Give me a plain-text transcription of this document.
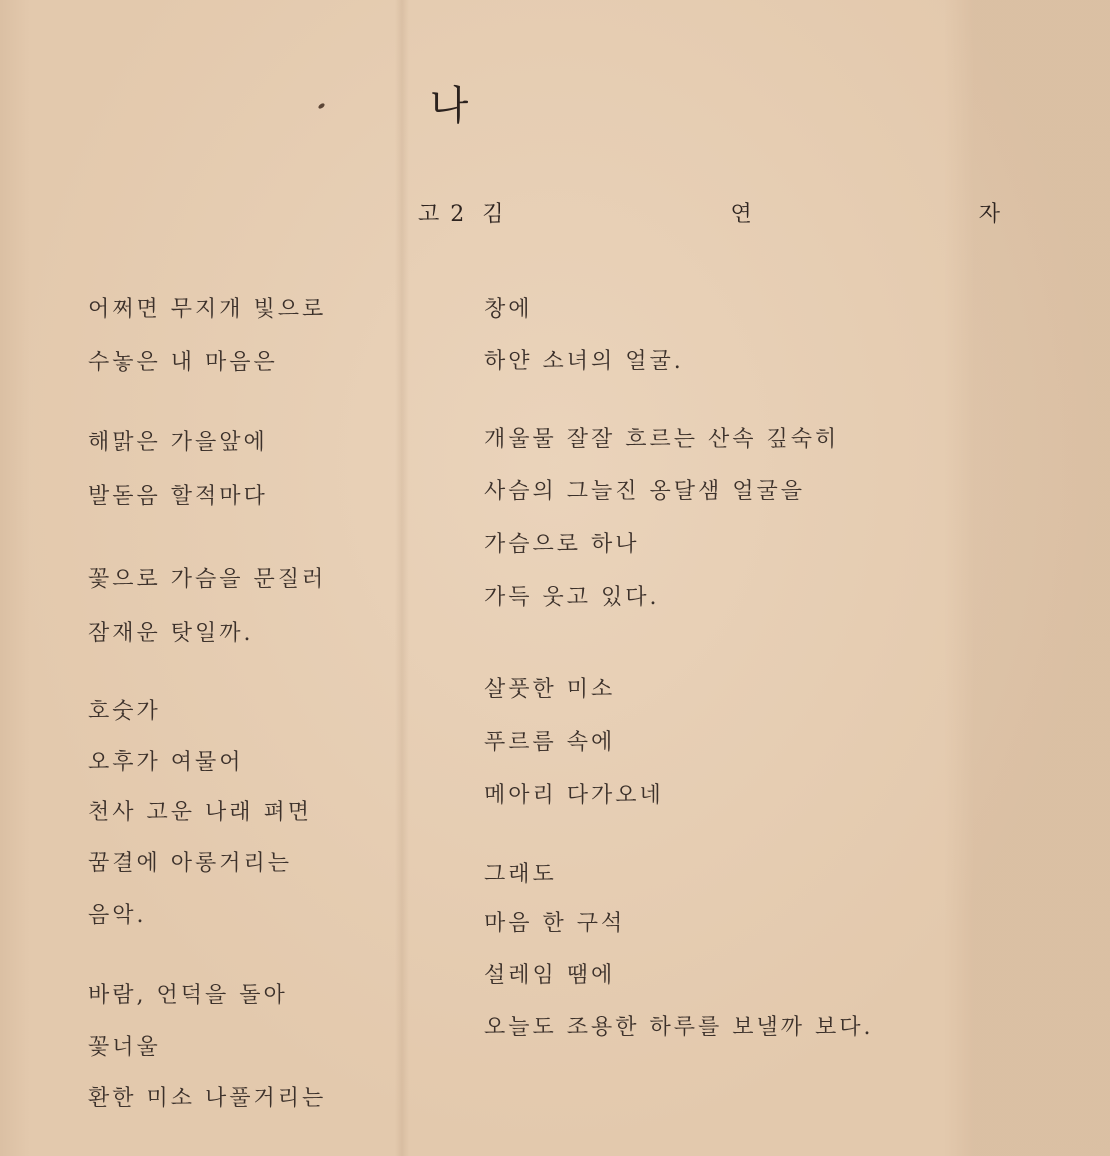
나
고 2 김 연 자
어쩌면 무지개 빛으로
수놓은 내 마음은
해맑은 가을앞에
발돋음 할적마다
꽃으로 가슴을 문질러
잠재운 탓일까.
호숫가
오후가 여물어
천사 고운 나래 펴면
꿈결에 아롱거리는
음악.
바람, 언덕을 돌아
꽃너울
환한 미소 나풀거리는
창에
하얀 소녀의 얼굴.
개울물 잘잘 흐르는 산속 깊숙히
사슴의 그늘진 옹달샘 얼굴을
가슴으로 하나
가득 웃고 있다.
살풋한 미소
푸르름 속에
메아리 다가오네
그래도
마음 한 구석
설레임 땜에
오늘도 조용한 하루를 보낼까 보다.
